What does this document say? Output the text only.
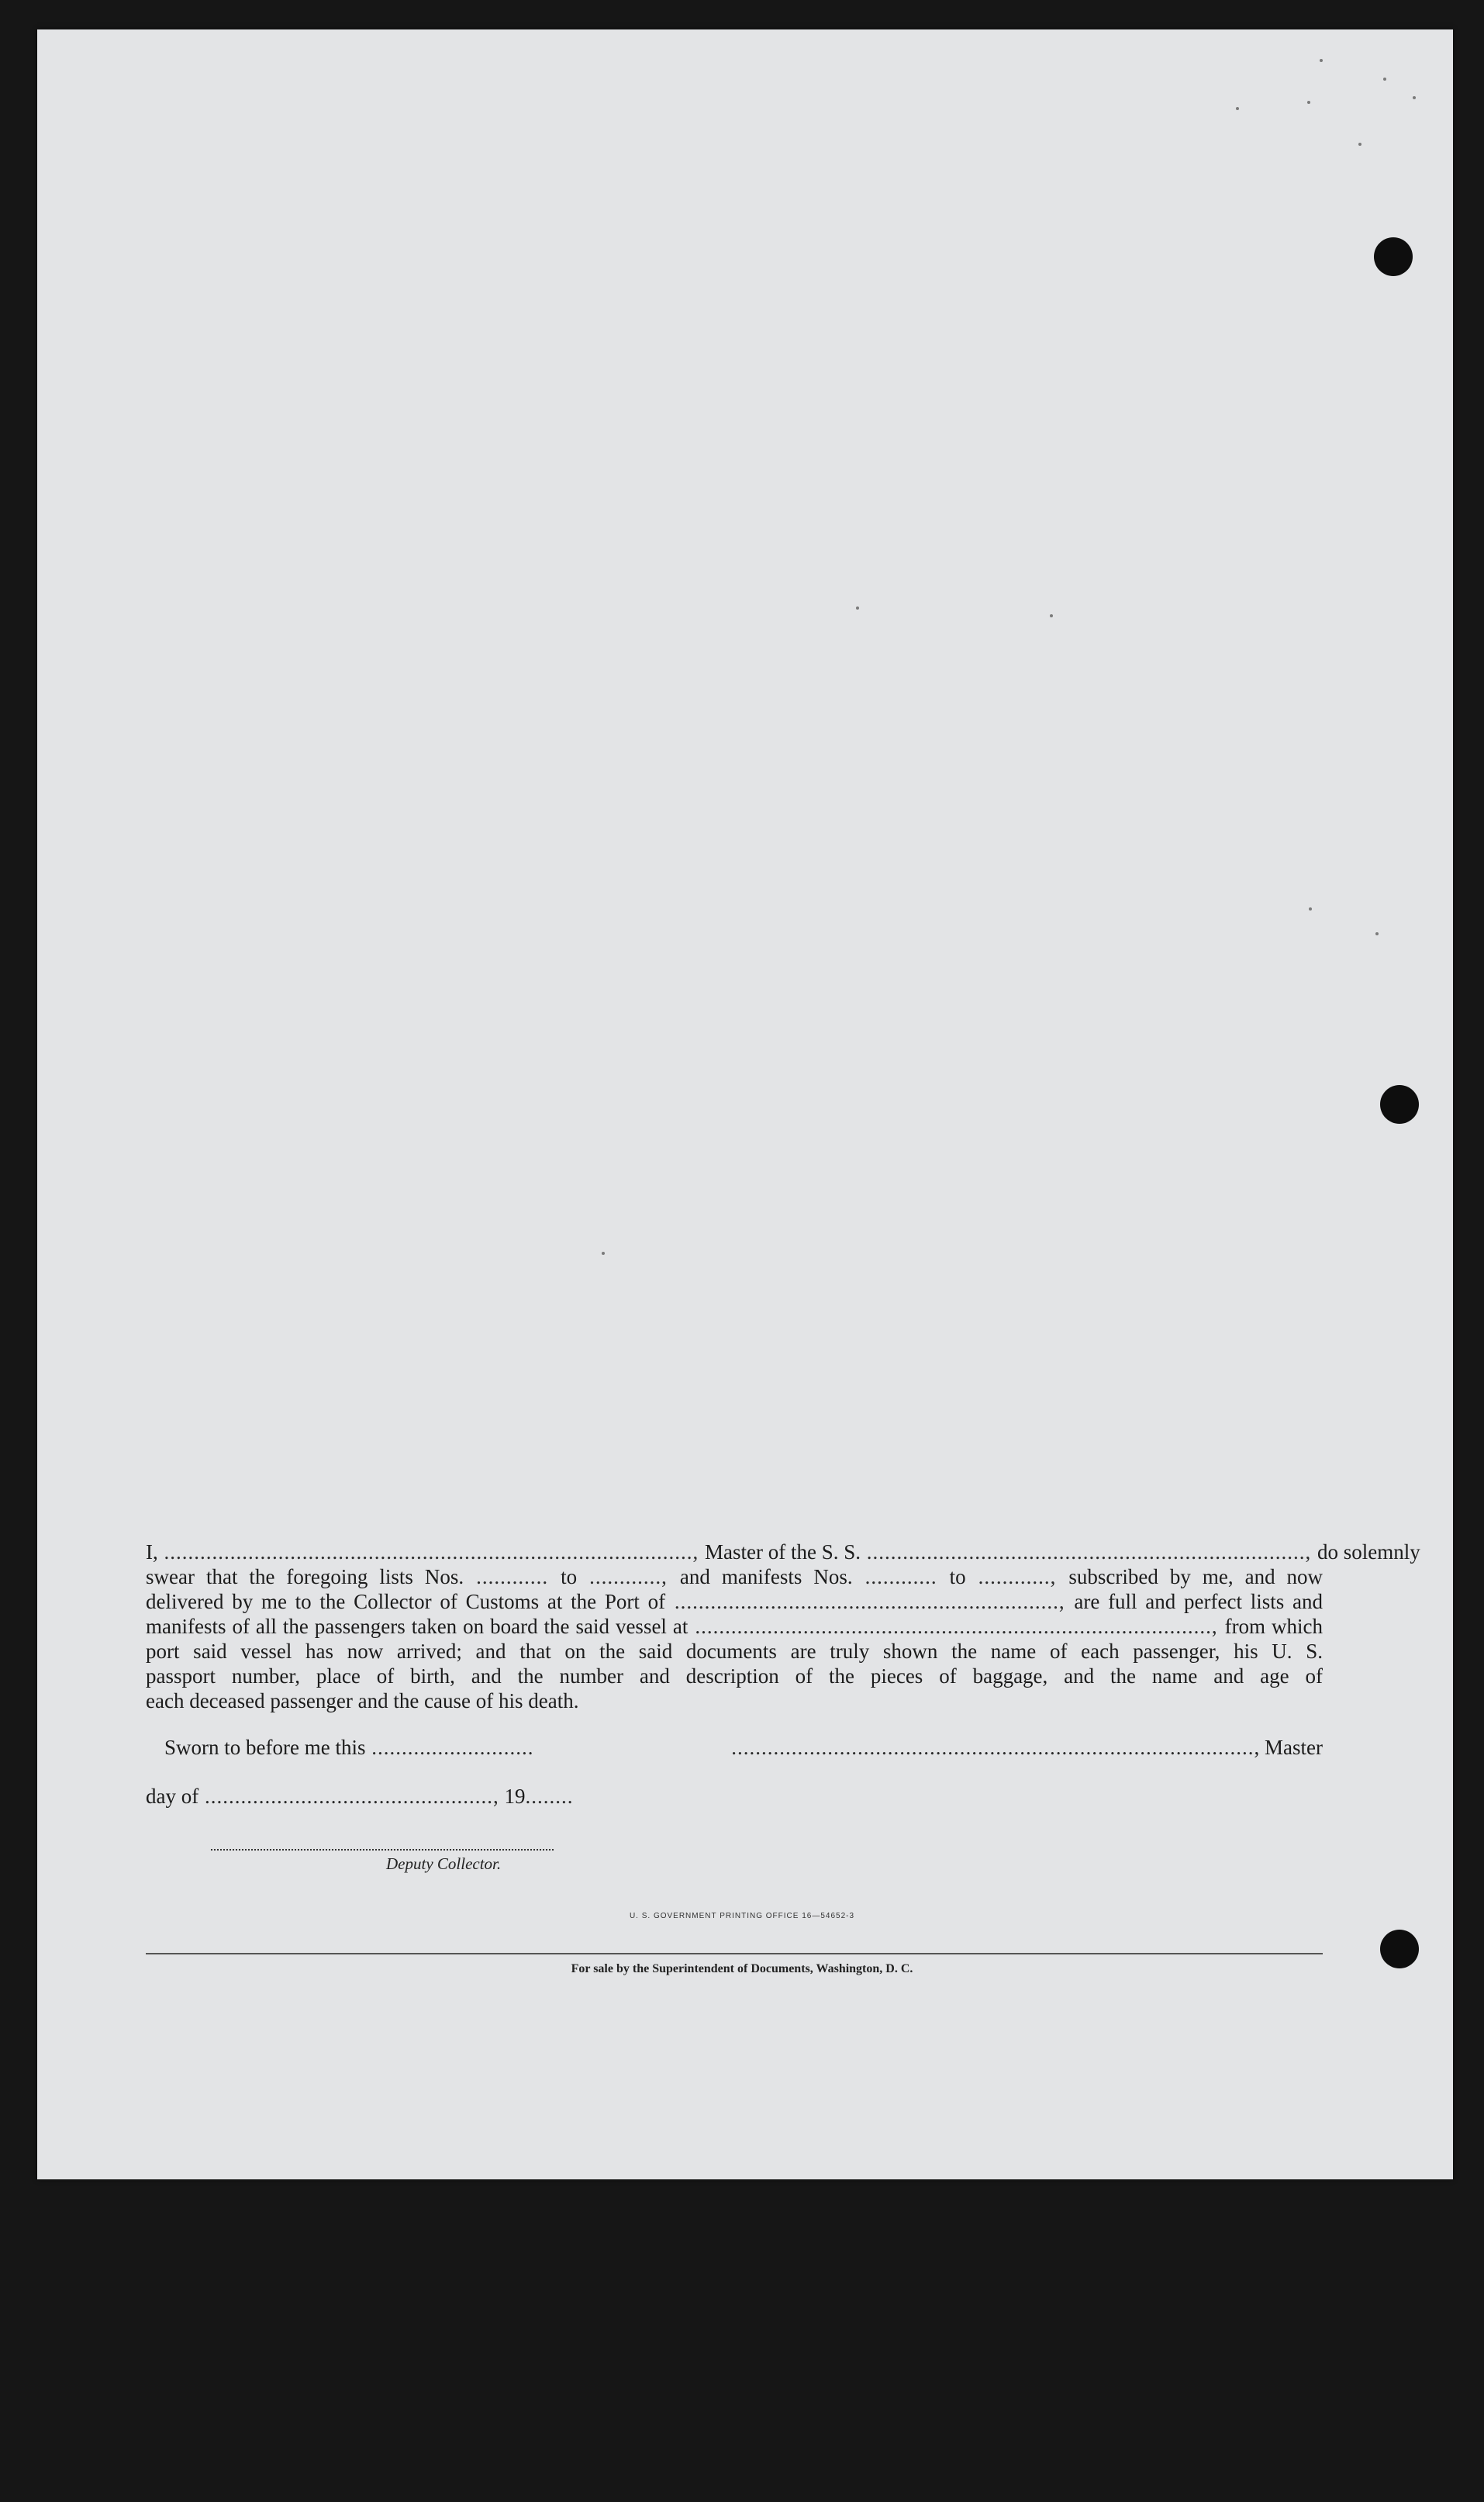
I, ........................................................................................, Master of the S. S. ........................................................................., do solemnly
swear that the foregoing lists Nos. ............ to ............, and manifests Nos. ............ to ............, subscribed by me, and now
delivered by me to the Collector of Customs at the Port of ................................................................, are full and perfect lists and
manifests of all the passengers taken on board the said vessel at ......................................................................................, from which
port said vessel has now arrived; and that on the said documents are truly shown the name of each passenger, his U. S.
passport number, place of birth, and the number and description of the pieces of baggage, and the name and age of
each deceased passenger and the cause of his death.
Sworn to before me this ...........................	......................................................................................., Master
day of ................................................, 19........
Deputy Collector.
U. S. GOVERNMENT PRINTING OFFICE 16—54652-3
For sale by the Superintendent of Documents, Washington, D. C.
